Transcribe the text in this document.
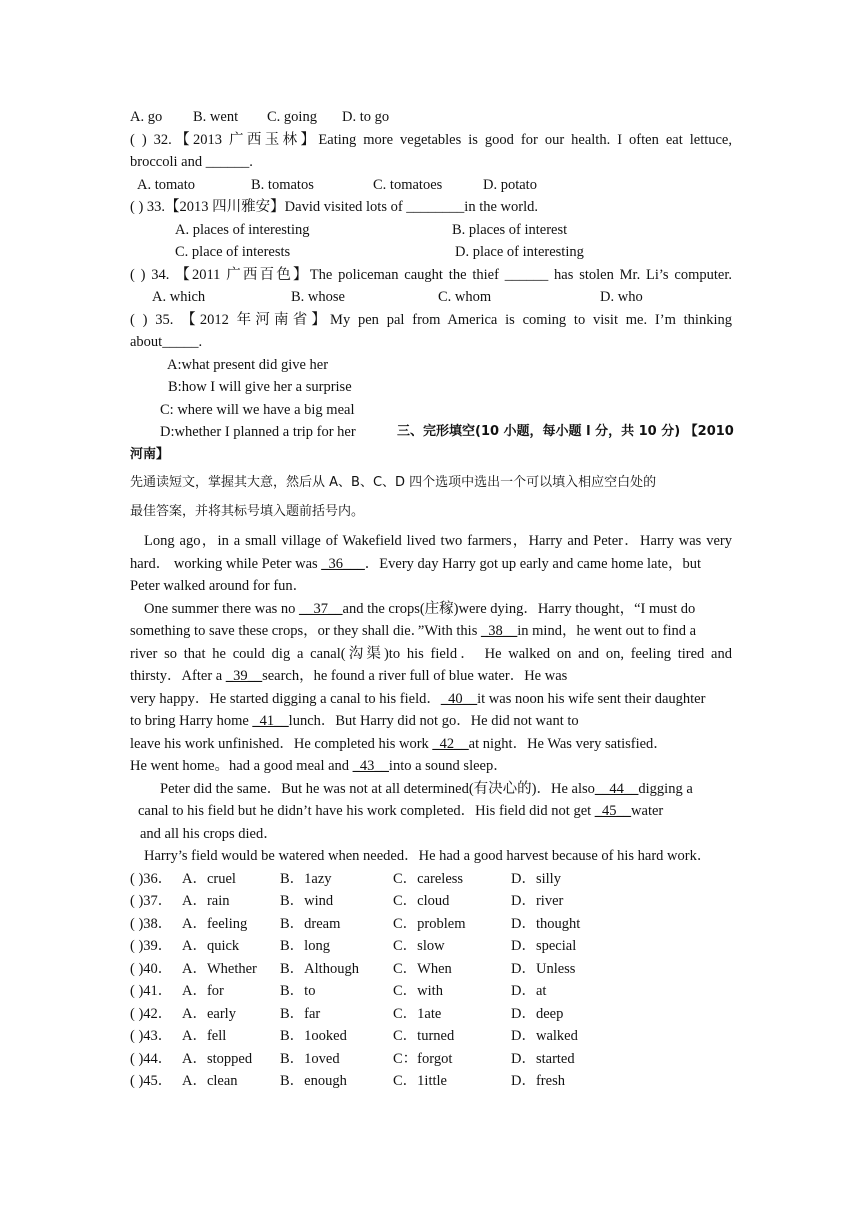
A. go B. went C. going D. to go
( ) 32.【2013 广西玉林】Eating more vegetables is good for our health. I often eat lettuce,
broccoli and ______.
A. tomato	B. tomatos	C. tomatoes	D. potato
( ) 33.【2013 四川雅安】David visited lots of ________in the world.
A. places of interesting	B. places of interest
C. place of interests	D. place of interesting
( ) 34. 【2011 广西百色】The policeman caught the thief ______ has stolen Mr. Li’s computer.
A. which	B. whose	C. whom	D. who
( ) 35. 【2012 年河南省】My pen pal from America is coming to visit me. I’m thinking
about_____.
A:what present did give her
B:how I will give her a surprise
C: where will we have a big meal
D:whether I planned a trip for her	三、完形填空(10 小题，每小题 l 分，共 10 分) 【2010
河南】
先通读短文，掌握其大意，然后从 A、B、C、D 四个选项中选出一个可以填入相应空白处的
最佳答案，并将其标号填入题前括号内。
Long ago，in a small village of Wakefield lived two farmers，Harry and Peter．Harry was very
hard． working while Peter was _36___．Every day Harry got up early and came home late，but
Peter walked around for fun．
One summer there was no __37__and the crops(庄稼)were dying．Harry thought，“I must do
something to save these crops，or they shall die．”With this _38__in mind，he went out to find a
river so that he could dig a canal(沟渠)to his field． He walked on and on, feeling tired and
thirsty．After a _39__search，he found a river full of blue water．He was
very happy．He started digging a canal to his field．_40__it was noon his wife sent their daughter
to bring Harry home _41__lunch．But Harry did not go．He did not want to
leave his work unfinished．He completed his work _42__at night．He Was very satisfied．
He went home。had a good meal and _43__into a sound sleep．
Peter did the same．But he was not at all determined(有决心的)．He also__44__digging a
canal to his field but he didn’t have his work completed．His field did not get _45__water
and all his crops died．
Harry’s field would be watered when needed．He had a good harvest because of his hard work．
( )36． A．cruel	B．1azy	C．careless	D．silly
( )37． A．rain	B．wind	C．cloud	D．river
( )38． A．feeling B．dream	C．problem	D．thought
( )39． A．quick	B．long	C．slow	D．special
( )40． A．Whether B．Although C．When	D．Unless
( )41． A．for	B．to	C．with	D．at
( )42． A．early	B．far	C．1ate	D．deep
( )43． A．fell	B．1ooked	C．turned	D．walked
( )44． A．stopped B．1oved	C：forgot	D．started
( )45． A．clean	B．enough	C．1ittle	D．fresh
